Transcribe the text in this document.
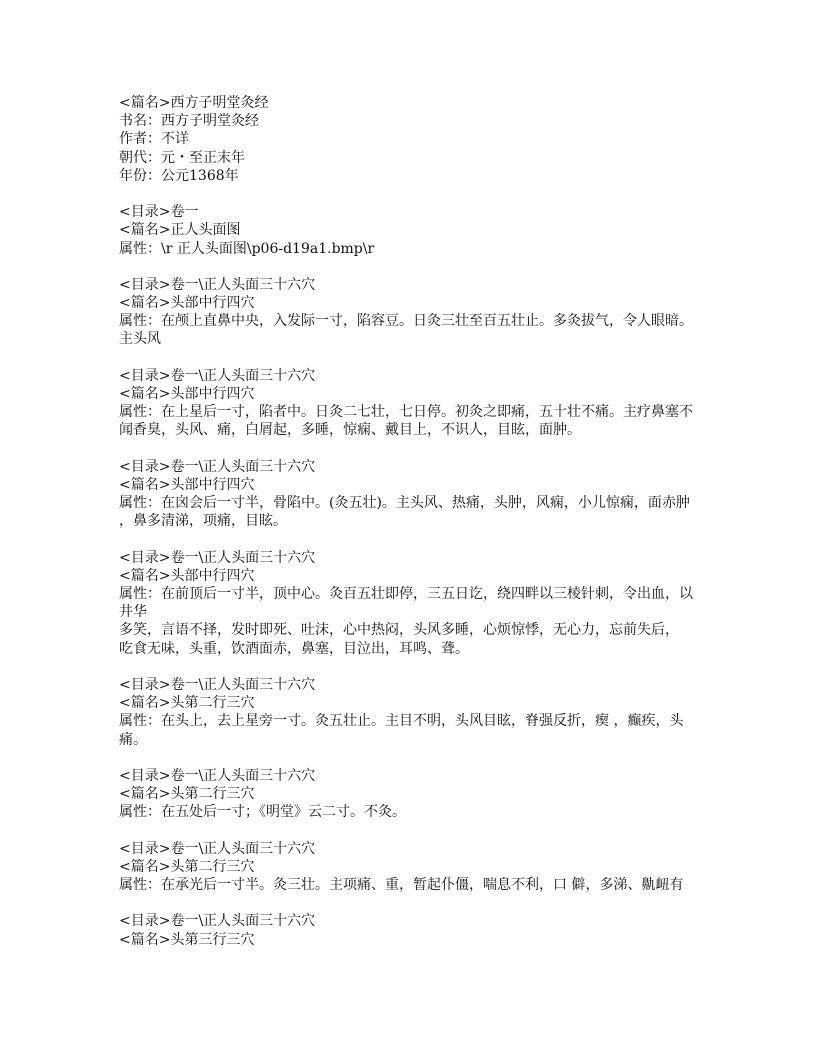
<篇名>西方子明堂灸经
书名：西方子明堂灸经
作者：不详
朝代：元・至正末年
年份：公元1368年
<目录>卷一
<篇名>正人头面图
属性：\r 正人头面图\p06-d19a1.bmp\r
<目录>卷一\正人头面三十六穴
<篇名>头部中行四穴
属性：在颅上直鼻中央，入发际一寸，陷容豆。日灸三壮至百五壮止。多灸拔气，令人眼暗。
主头风
<目录>卷一\正人头面三十六穴
<篇名>头部中行四穴
属性：在上星后一寸，陷者中。日灸二七壮，七日停。初灸之即痛，五十壮不痛。主疗鼻塞不
闻香臭，头风、痛，白屑起，多睡，惊痫、戴目上，不识人，目眩，面肿。
<目录>卷一\正人头面三十六穴
<篇名>头部中行四穴
属性：在囟会后一寸半，骨陷中。(灸五壮)。主头风、热痛，头肿，风痫，小儿惊痫，面赤肿
，鼻多清涕，项痛，目眩。
<目录>卷一\正人头面三十六穴
<篇名>头部中行四穴
属性：在前顶后一寸半，顶中心。灸百五壮即停，三五日讫，绕四畔以三棱针刺，令出血，以
井华
多笑，言语不择，发时即死、吐沫，心中热闷，头风多睡，心烦惊悸，无心力，忘前失后，
吃食无味，头重，饮酒面赤，鼻塞，目泣出，耳鸣、聋。
<目录>卷一\正人头面三十六穴
<篇名>头第二行三穴
属性：在头上，去上星旁一寸。灸五壮止。主目不明，头风目眩，脊强反折，瘈 ，癫疾，头
痛。
<目录>卷一\正人头面三十六穴
<篇名>头第二行三穴
属性：在五处后一寸；《明堂》云二寸。不灸。
<目录>卷一\正人头面三十六穴
<篇名>头第二行三穴
属性：在承光后一寸半。灸三壮。主项痛、重，暂起仆僵，喘息不利，口 僻，多涕、鼽衄有
<目录>卷一\正人头面三十六穴
<篇名>头第三行三穴
